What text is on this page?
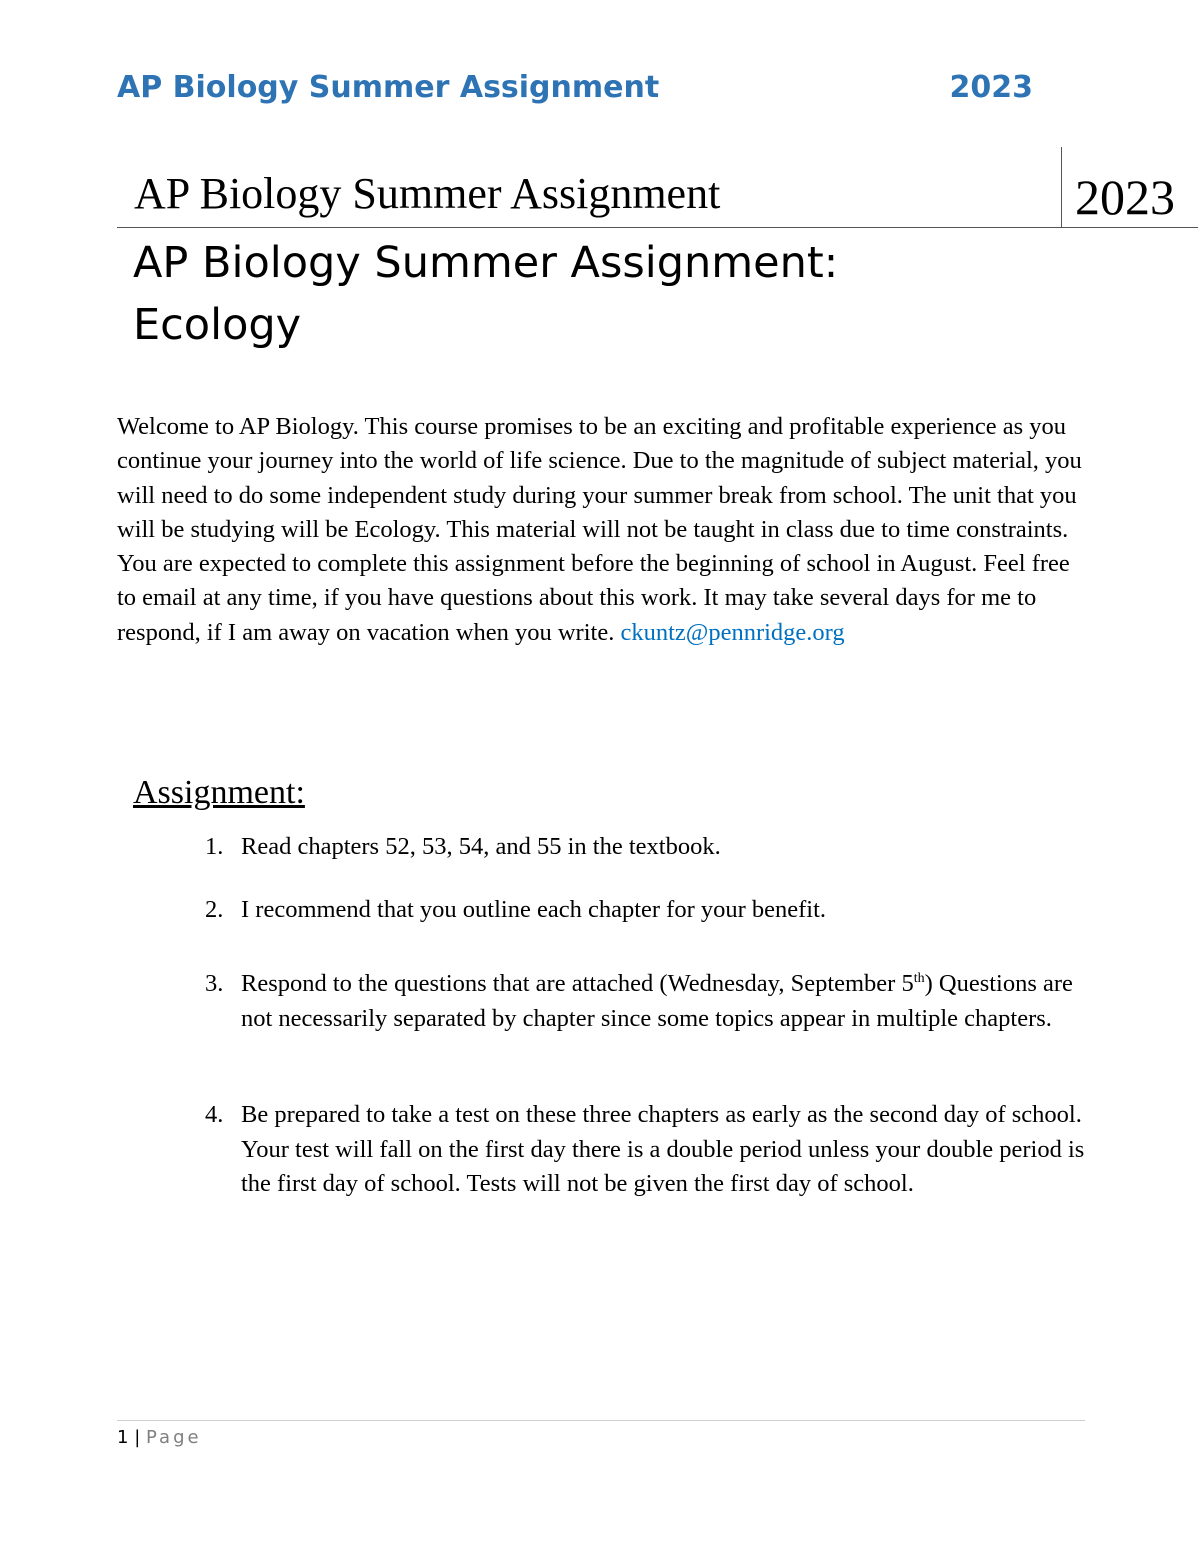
AP Biology Summer Assignment	2023
AP Biology Summer Assignment	2023
AP Biology Summer Assignment:
Ecology
Welcome to AP Biology. This course promises to be an exciting and profitable experience as you continue your journey into the world of life science. Due to the magnitude of subject material, you will need to do some independent study during your summer break from school. The unit that you will be studying will be Ecology. This material will not be taught in class due to time constraints. You are expected to complete this assignment before the beginning of school in August. Feel free to email at any time, if you have questions about this work. It may take several days for me to respond, if I am away on vacation when you write. ckuntz@pennridge.org
Assignment:
1. Read chapters 52, 53, 54, and 55 in the textbook.
2. I recommend that you outline each chapter for your benefit.
3. Respond to the questions that are attached (Wednesday, September 5th) Questions are not necessarily separated by chapter since some topics appear in multiple chapters.
4. Be prepared to take a test on these three chapters as early as the second day of school. Your test will fall on the first day there is a double period unless your double period is the first day of school. Tests will not be given the first day of school.
1 | Page
